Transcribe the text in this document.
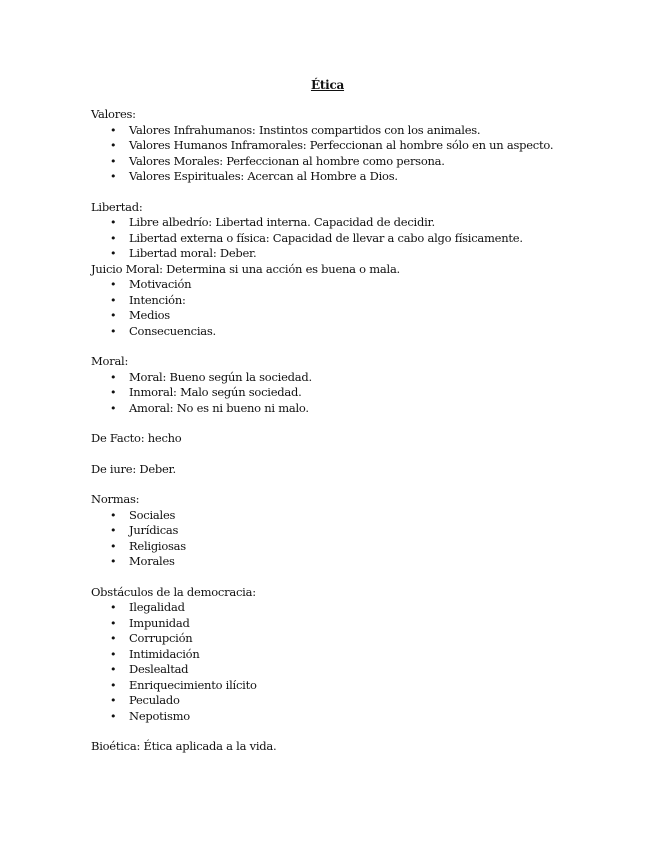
Ética
Valores:
• Valores Infrahumanos: Instintos compartidos con los animales.
• Valores Humanos Inframorales: Perfeccionan al hombre sólo en un aspecto.
• Valores Morales: Perfeccionan al hombre como persona.
• Valores Espirituales: Acercan al Hombre a Dios.
Libertad:
• Libre albedrío: Libertad interna. Capacidad de decidir.
• Libertad externa o física: Capacidad de llevar a cabo algo físicamente.
• Libertad moral: Deber.
Juicio Moral: Determina si una acción es buena o mala.
• Motivación
• Intención:
• Medios
• Consecuencias.
Moral:
• Moral: Bueno según la sociedad.
• Inmoral: Malo según sociedad.
• Amoral: No es ni bueno ni malo.
De Facto: hecho
De iure: Deber.
Normas:
• Sociales
• Jurídicas
• Religiosas
• Morales
Obstáculos de la democracia:
• Ilegalidad
• Impunidad
• Corrupción
• Intimidación
• Deslealtad
• Enriquecimiento ilícito
• Peculado
• Nepotismo
Bioética: Ética aplicada a la vida.
